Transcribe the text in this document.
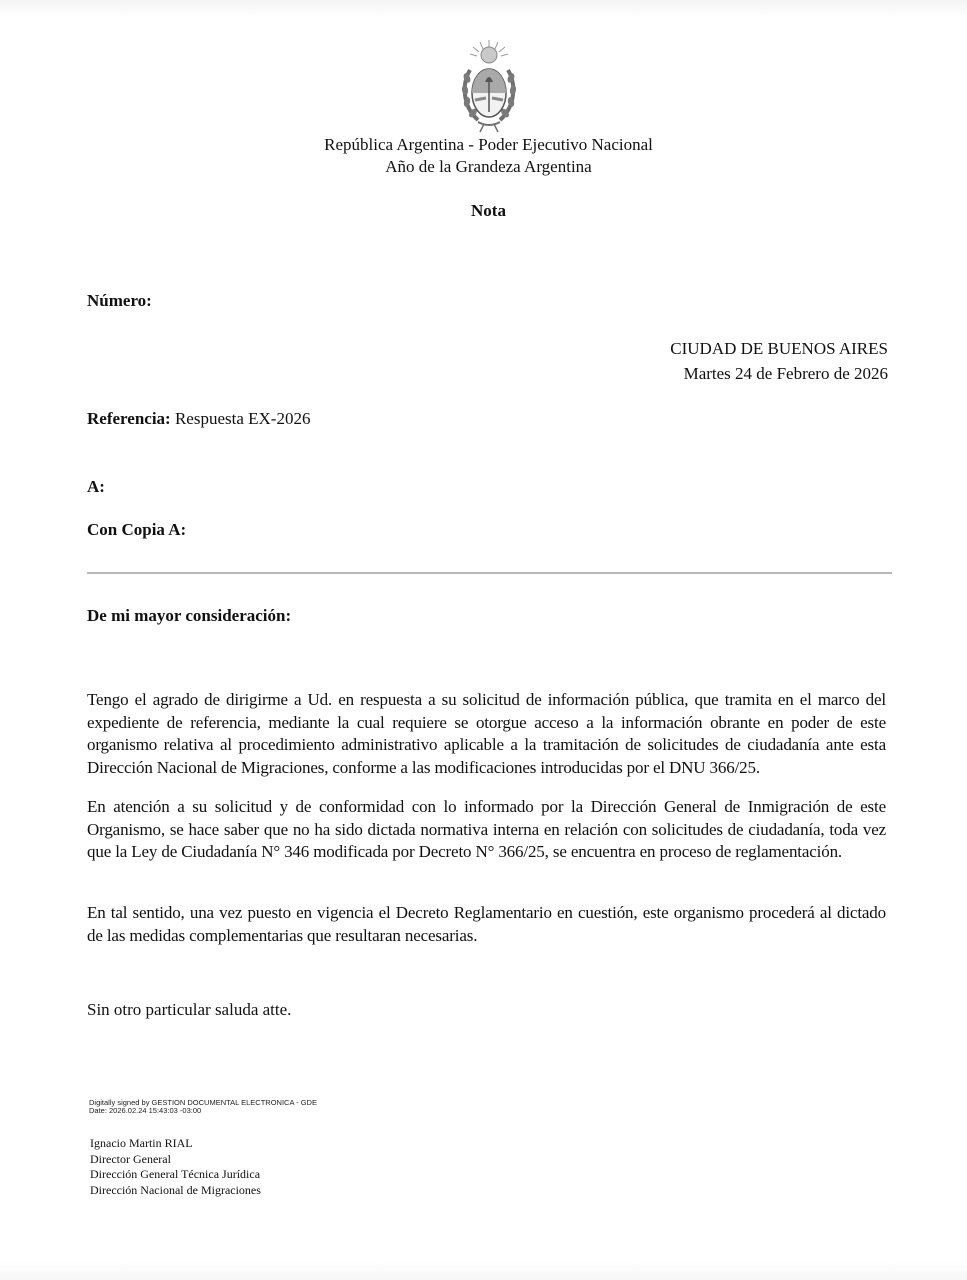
República Argentina - Poder Ejecutivo Nacional
Año de la Grandeza Argentina
Nota
Número:
CIUDAD DE BUENOS AIRES
Martes 24 de Febrero de 2026
Referencia: Respuesta EX-2026
A:
Con Copia A:
De mi mayor consideración:
Tengo el agrado de dirigirme a Ud. en respuesta a su solicitud de información pública, que tramita en el marco del expediente de referencia, mediante la cual requiere se otorgue acceso a la información obrante en poder de este organismo relativa al procedimiento administrativo aplicable a la tramitación de solicitudes de ciudadanía ante esta Dirección Nacional de Migraciones, conforme a las modificaciones introducidas por el DNU 366/25.
En atención a su solicitud y de conformidad con lo informado por la Dirección General de Inmigración de este Organismo, se hace saber que no ha sido dictada normativa interna en relación con solicitudes de ciudadanía, toda vez que la Ley de Ciudadanía N° 346 modificada por Decreto N° 366/25, se encuentra en proceso de reglamentación.
En tal sentido, una vez puesto en vigencia el Decreto Reglamentario en cuestión, este organismo procederá al dictado de las medidas complementarias que resultaran necesarias.
Sin otro particular saluda atte.
Digitally signed by GESTION DOCUMENTAL ELECTRONICA - GDE
Date: 2026.02.24 15:43:03 -03:00
Ignacio Martin RIAL
Director General
Dirección General Técnica Jurídica
Dirección Nacional de Migraciones
